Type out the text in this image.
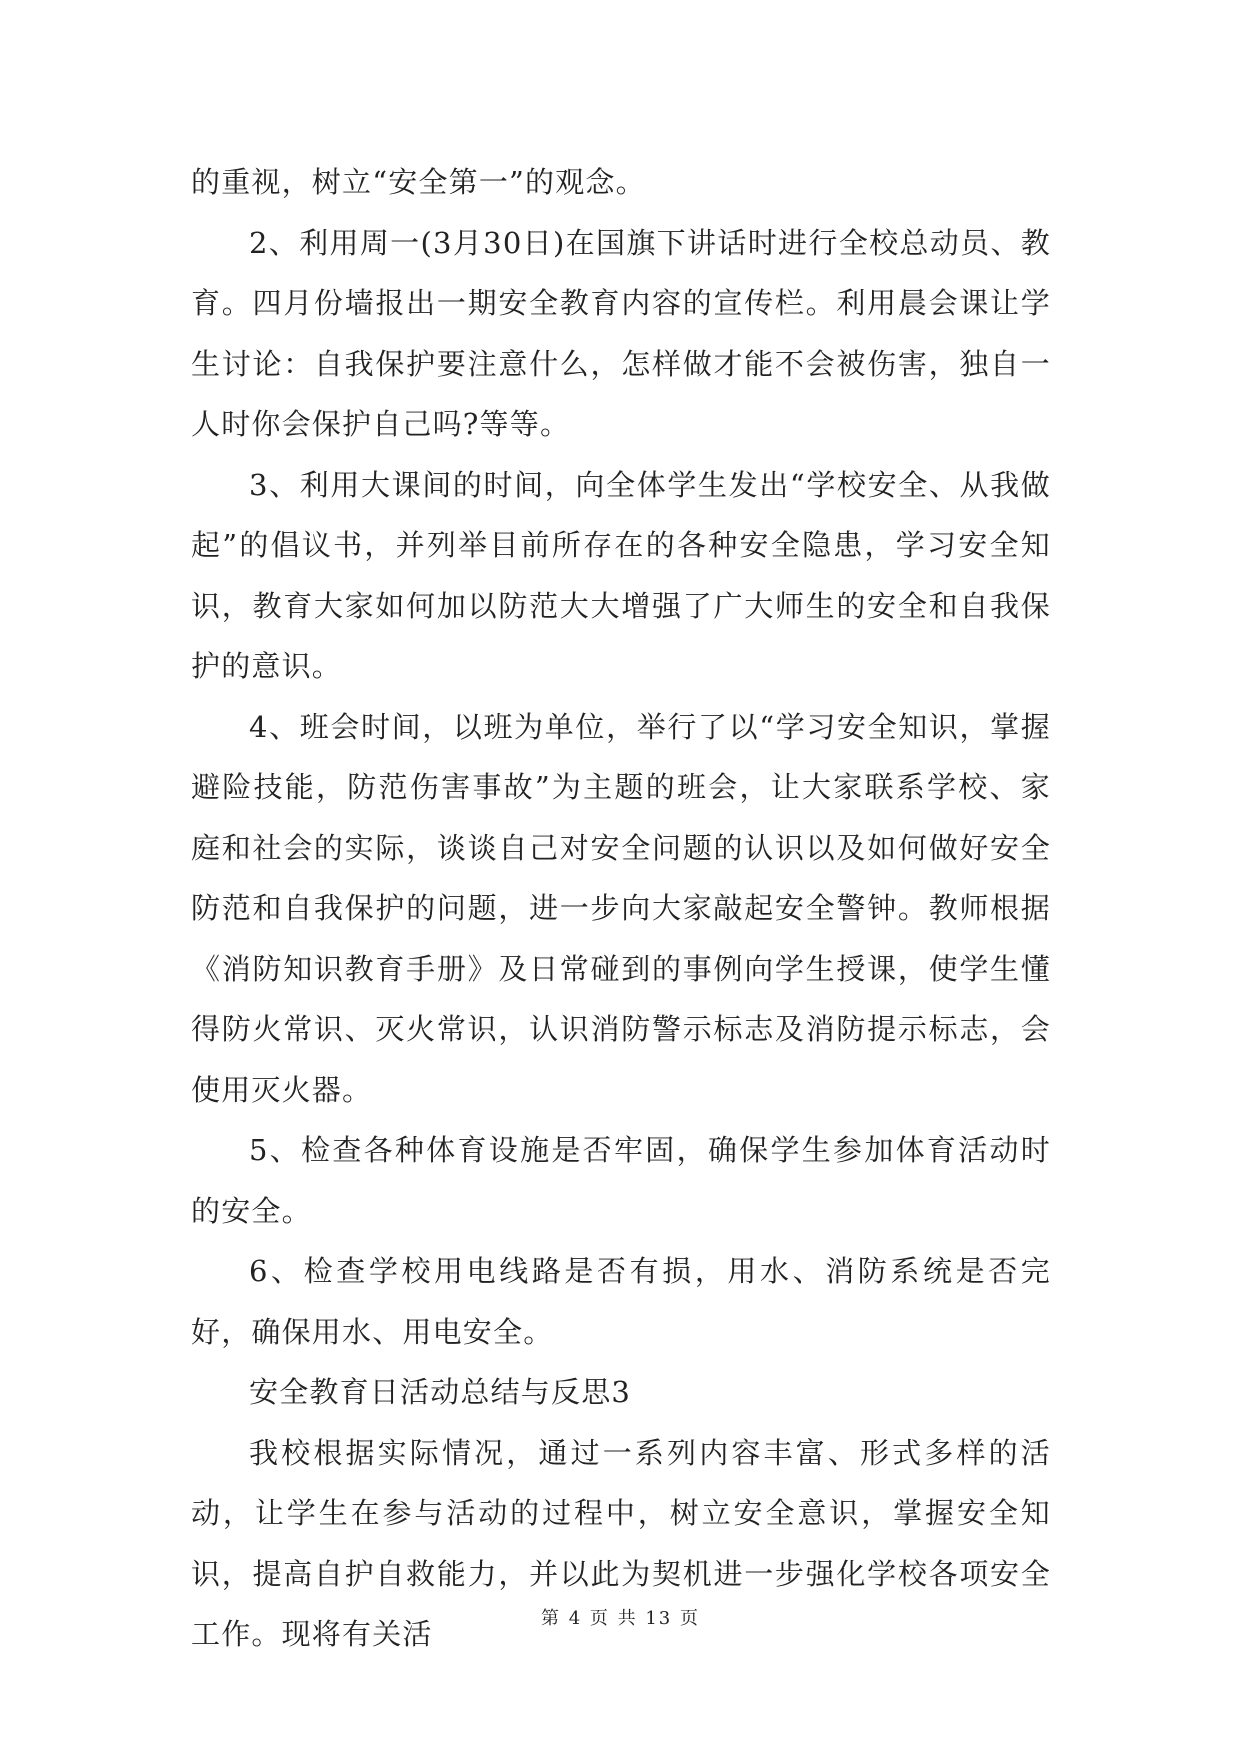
的重视，树立“安全第一”的观念。

2、利用周一(3月30日)在国旗下讲话时进行全校总动员、教育。四月份墙报出一期安全教育内容的宣传栏。利用晨会课让学生讨论：自我保护要注意什么，怎样做才能不会被伤害，独自一人时你会保护自己吗?等等。

3、利用大课间的时间，向全体学生发出“学校安全、从我做起”的倡议书，并列举目前所存在的各种安全隐患，学习安全知识，教育大家如何加以防范大大增强了广大师生的安全和自我保护的意识。

4、班会时间，以班为单位，举行了以“学习安全知识，掌握避险技能，防范伤害事故”为主题的班会，让大家联系学校、家庭和社会的实际，谈谈自己对安全问题的认识以及如何做好安全防范和自我保护的问题，进一步向大家敲起安全警钟。教师根据《消防知识教育手册》及日常碰到的事例向学生授课，使学生懂得防火常识、灭火常识，认识消防警示标志及消防提示标志，会使用灭火器。

5、检查各种体育设施是否牢固，确保学生参加体育活动时的安全。

6、检查学校用电线路是否有损，用水、消防系统是否完好，确保用水、用电安全。

安全教育日活动总结与反思3

我校根据实际情况，通过一系列内容丰富、形式多样的活动，让学生在参与活动的过程中，树立安全意识，掌握安全知识，提高自护自救能力，并以此为契机进一步强化学校各项安全工作。现将有关活	第 4 页 共 13 页
